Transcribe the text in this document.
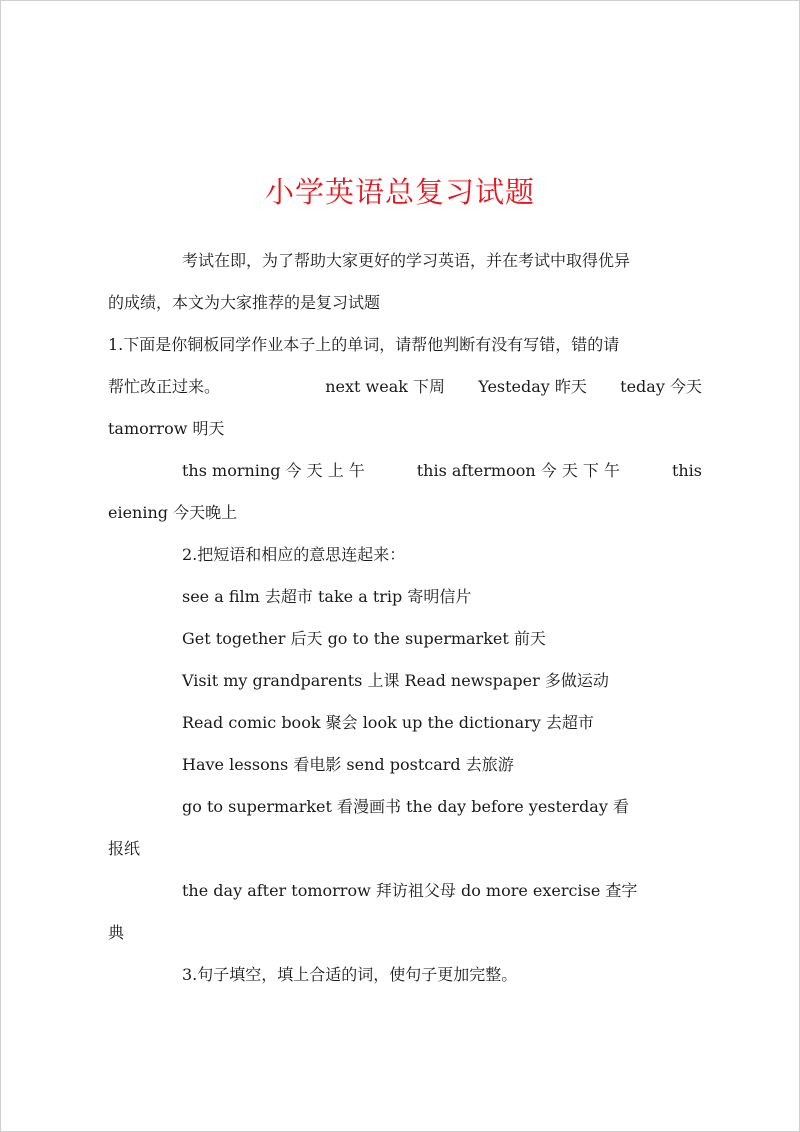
小学英语总复习试题
考试在即，为了帮助大家更好的学习英语，并在考试中取得优异
的成绩，本文为大家推荐的是复习试题
1.下面是你铜板同学作业本子上的单词，请帮他判断有没有写错，错的请
帮忙改正过来。	next weak 下周 Yesteday 昨天 teday 今天
tamorrow 明天
ths morning 今 天 上 午	this aftermoon 今 天 下 午	this
eiening 今天晚上
2.把短语和相应的意思连起来：
see a film 去超市 take a trip 寄明信片
Get together 后天 go to the supermarket 前天
Visit my grandparents 上课 Read newspaper 多做运动
Read comic book 聚会 look up the dictionary 去超市
Have lessons 看电影 send postcard 去旅游
go to supermarket 看漫画书 the day before yesterday 看
报纸
the day after tomorrow 拜访祖父母 do more exercise 查字
典
3.句子填空，填上合适的词，使句子更加完整。
